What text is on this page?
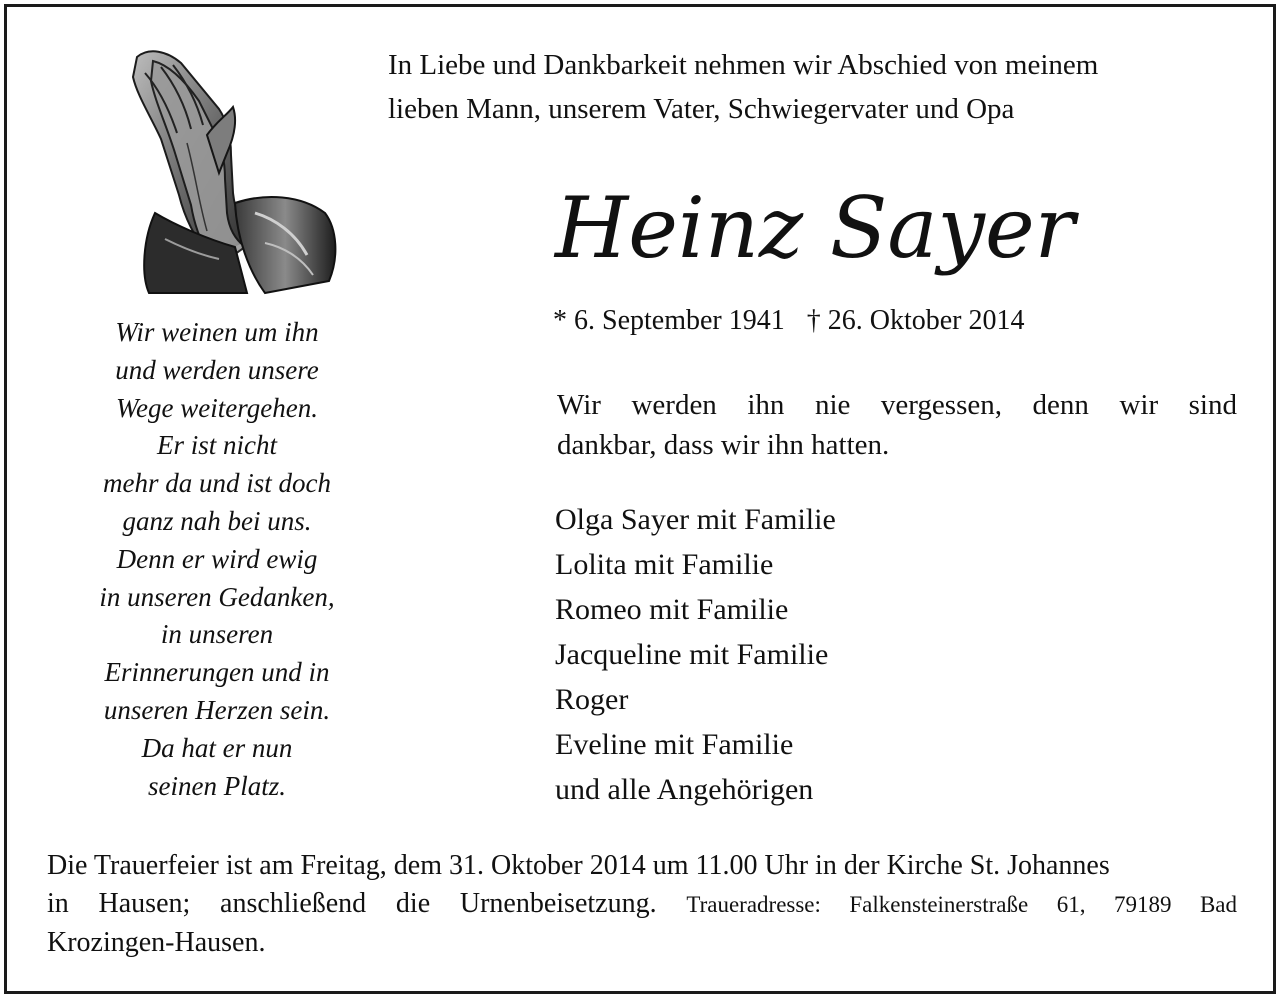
In Liebe und Dankbarkeit nehmen wir Abschied von meinem
lieben Mann, unserem Vater, Schwiegervater und Opa
Heinz Sayer
* 6. September 1941 † 26. Oktober 2014
Wir werden ihn nie vergessen, denn wir sind
dankbar, dass wir ihn hatten.
Olga Sayer mit Familie
Lolita mit Familie
Romeo mit Familie
Jacqueline mit Familie
Roger
Eveline mit Familie
und alle Angehörigen
Wir weinen um ihn
und werden unsere
Wege weitergehen.
Er ist nicht
mehr da und ist doch
ganz nah bei uns.
Denn er wird ewig
in unseren Gedanken,
in unseren
Erinnerungen und in
unseren Herzen sein.
Da hat er nun
seinen Platz.
Die Trauerfeier ist am Freitag, dem 31. Oktober 2014 um 11.00 Uhr in der Kirche St. Johannes
in Hausen; anschließend die Urnenbeisetzung. Traueradresse: Falkensteinerstraße 61, 79189 Bad
Krozingen-Hausen.
